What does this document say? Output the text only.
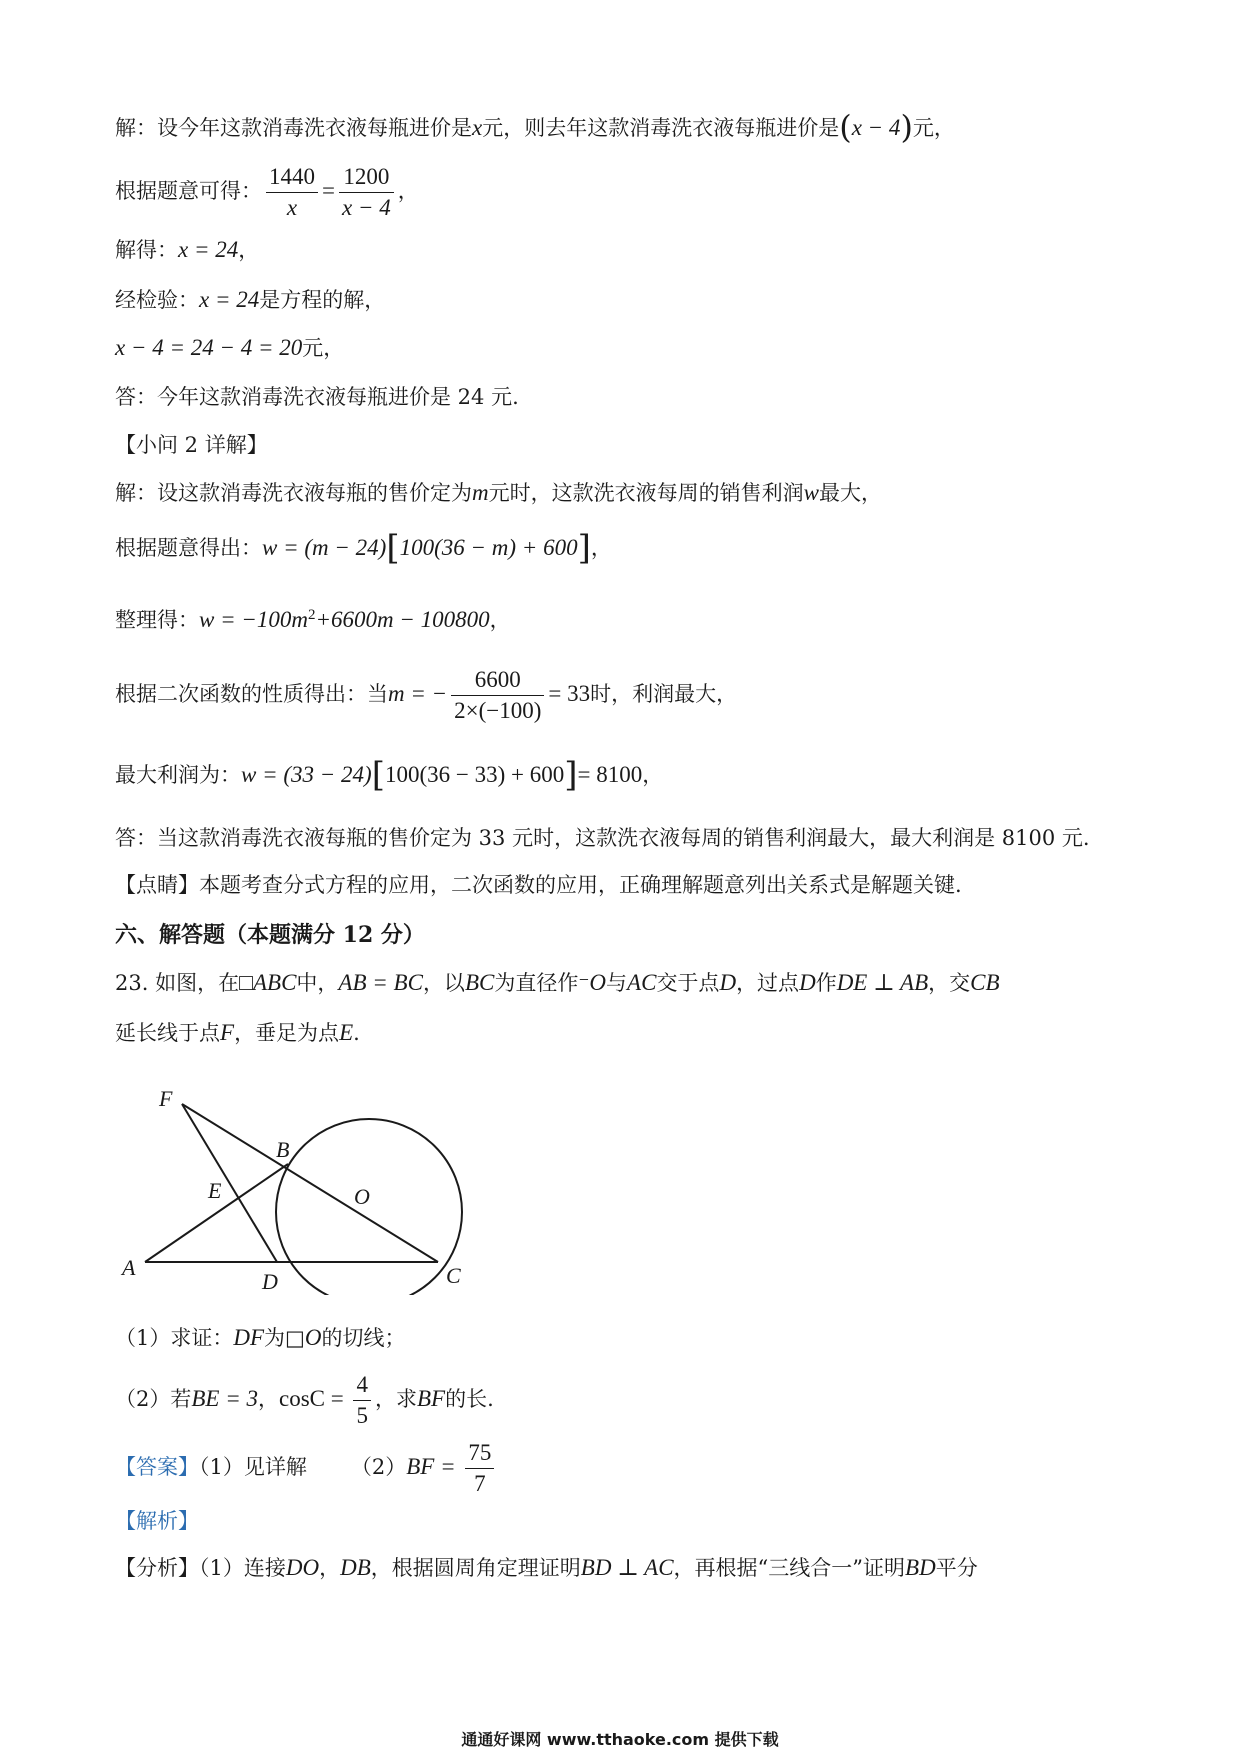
解：设今年这款消毒洗衣液每瓶进价是x元，则去年这款消毒洗衣液每瓶进价是(x − 4)元，
根据题意可得： $\frac{1440}{x} = \frac{1200}{x - 4}$ ，
解得：x = 24，
经检验：x = 24是方程的解，
x − 4 = 24 − 4 = 20元，
答：今年这款消毒洗衣液每瓶进价是 24 元.
【小问 2 详解】
解：设这款消毒洗衣液每瓶的售价定为m元时，这款洗衣液每周的销售利润w最大，
根据题意得出：w = (m − 24)[100(36 − m) + 600]，
整理得：$w = -100m^2+6600m - 100800$，
根据二次函数的性质得出：当m = − $\frac{6600}{2\times(-100)} = 33$时，利润最大，
最大利润为：w = (33 − 24)[100(36 − 33) + 600]= 8100，
答：当这款消毒洗衣液每瓶的售价定为 33 元时，这款洗衣液每周的销售利润最大，最大利润是 8100 元.
【点睛】本题考查分式方程的应用，二次函数的应用，正确理解题意列出关系式是解题关键.
六、解答题（本题满分 12 分）
23. 如图，在□ABC中，AB = BC，以BC为直径作⁻O与AC交于点D，过点D作DE ⊥ AB，交CB
延长线于点F，垂足为点E.
F
B
E	O
A
D	C
（1）求证：DF为□O的切线；
（2）若BE = 3，$\cos C = \frac{4}{5}$ ，求BF的长.
【答案】（1）见详解 $(2)BF = \frac{75}{7}$
【解析】
【分析】（1）连接DO，DB，根据圆周角定理证明BD ⊥ AC，再根据“三线合一”证明BD平分
通通好课网 www.tthaoke.com 提供下载
